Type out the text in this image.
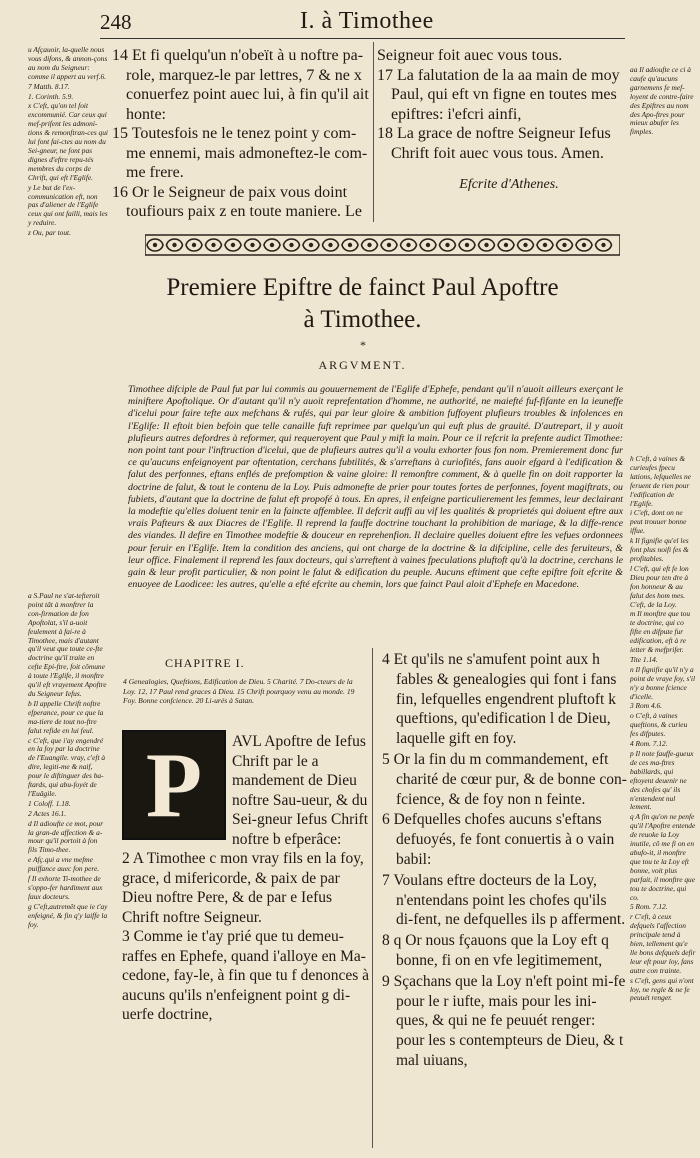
248	I. à Timothee

u Afçauoir, la-quelle nous vous difons, & annon-çons au nom du Seigneur: comme il appert au verf.6.

7 Matth. 8.17.

1. Corinth. 5.9.

x C'eft, qu'on tel foit excommunié. Car ceux qui mef-prifent les admoni-tions & remonftran-ces qui lui font fai-ctes au nom du Sei-gneur, ne font pas dignes d'eftre repu-tés membres du corps de Chrift, qui eft l'Eglife.

y Le but de l'ex-communication eft, non pas d'aliener de l'Eglife ceux qui ont failli, mais les y reduire.

z Ou, par tout.

14 Et fi quelqu'un n'obeït à u noftre pa-role, marquez-le par lettres, 7 & ne x conuerfez point auec lui, à fin qu'il ait honte:

15 Toutesfois ne le tenez point y com-me ennemi, mais admoneftez-le com-me frere.

16 Or le Seigneur de paix vous doint toufiours paix z en toute maniere. Le

Seigneur foit auec vous tous.

17 La falutation de la aa main de moy Paul, qui eft vn figne en toutes mes epiftres: i'efcri ainfi,

18 La grace de noftre Seigneur Iefus Chrift foit auec vous tous. Amen.

Efcrite d'Athenes.

aa Il adioufte ce ci à caufe qu'aucuns garnemens fe mef-loyent de contre-faire des Epiftres au nom des Apo-ftres pour mieux abufer les fimples.

Premiere Epiftre de fainct Paul Apoftre
à Timothee.
*
ARGVMENT.

Timothee difciple de Paul fut par lui commis au gouuernement de l'Eglife d'Ephefe, pendant qu'il n'auoit ailleurs exerçant le miniftere Apoftolique. Or d'autant qu'il n'y auoit reprefentation d'homme, ne authorité, ne maiefté fuf-fifante en la ieuneffe d'icelui pour faire tefte aux mefchans & rufés, qui par leur gloire & ambition fuffoyent plufieurs troubles & infolences en l'Eglife: Il eftoit bien befoin que telle canaille fuft reprimee par quelqu'un qui euft plus de grauité. D'autrepart, il y auoit plufieurs autres defordres à reformer, qui requeroyent que Paul y mift la main. Pour ce il refcrit la prefente audict Timothee: non point tant pour l'inftruction d'icelui, que de plufieurs autres qu'il a voulu exhorter fous fon nom. Premierement donc fur ce qu'aucuns enfeignoyent par oftentation, cerchans fubtilités, & s'arreftans à curiofités, fans auoir efgard à l'edification & falut des perfonnes, eftans enflés de prefomption & vaine gloire: Il remonftre comment, & à quelle fin on doit rapporter la doctrine de falut, & tout le contenu de la Loy. Puis admonefte de prier pour toutes fortes de perfonnes, foyent magiftrats, ou fubiets, d'autant que la doctrine de falut eft propofé à tous. En apres, il enfeigne particulierement les femmes, leur declairant la modeftie qu'elles doiuent tenir en la faincte affemblee. Il defcrit auffi au vif les qualités & proprietés qui doiuent eftre aux vrais Pafteurs & aux Diacres de l'Eglife. Il reprend la fauffe doctrine touchant la prohibition de mariage, & la diffe-rence des viandes. Il defire en Timothee modeftie & douceur en reprehenfion. Il declaire quelles doiuent eftre les vefues ordonnees pour feruir en l'Eglife. Item la condition des anciens, qui ont charge de la doctrine & la difcipline, celle des feruiteurs, & leur office. Finalement il reprend les faux docteurs, qui s'arreftent à vaines fpeculations pluftoft qu'à la doctrine, cerchans le gain & leur profit particulier, & non point le falut & edification du peuple. Aucuns eftiment que cefte epiftre foit efcrite & enuoyee de Laodicee: les autres, qu'elle a efté efcrite au chemin, lors que fainct Paul aloit d'Ephefe en Macedone.

a S.Paul ne s'at-tefteroit point tât à monftrer la con-firmation de fon Apoftolat, s'il a-uoit feulement à fai-re à Timothee, mais d'autant qu'il veut que toute ce-fte doctrine qu'il traite en cefte Epi-ftre, foit cômune à toute l'Eglife, il monftre qu'il eft vrayement Apoftre du Seigneur Iefus.

b Il appelle Chrift noftre efperance, pour ce que la ma-tiere de tout no-ftre falut refide en lui feul.

c C'eft, que i'ay engendré en la foy par la doctrine de l'Euangile. vray, c'eft à dire, legiti-me & naif, pour le diftinguer des ba-ftards, qui abu-foyét de l'Euâgile.

1 Coloff. 1.18.

2 Actes 16.1.

d Il adioufte ce mot, pour la gran-de affection & a-mour qu'il portoit à fon fils Timo-thee.

e Afç.qui a vne mefme puiffance auec fon pere.

f Il exhorte Ti-mothee de s'oppo-fer hardiment aux faux docteurs.

g C'eft,autremêt que ie t'ay enfeigné, & fin q'y laiffe la foy.

CHAPITRE I.
4 Genealogies, Queftions, Edification de Dieu. 5 Charité. 7 Do-cteurs de la Loy. 12, 17 Paul rend graces à Dieu. 15 Chrift pourquoy venu au monde. 19 Foy. Bonne confcience. 20 Li-urés à Satan.
P	AVL Apoftre de Iefus Chrift par le a mandement de Dieu noftre Sau-ueur, & du Sei-gneur Iefus Chrift noftre b efperâce:

2 A Timothee c mon vray fils en la foy, grace, d mifericorde, & paix de par Dieu noftre Pere, & de par e Iefus Chrift noftre Seigneur.

3 Comme ie t'ay prié que tu demeu-raffes en Ephefe, quand i'alloye en Ma-cedone, fay-le, à fin que tu f denonces à aucuns qu'ils n'enfeignent point g di-uerfe doctrine,

4 Et qu'ils ne s'amufent point aux h fables & genealogies qui font i fans fin, lefquelles engendrent pluftoft k queftions, qu'edification l de Dieu, laquelle gift en foy.

5 Or la fin du m commandement, eft charité de cœur pur, & de bonne con-fcience, & de foy non n feinte.

6 Defquelles chofes aucuns s'eftans defuoyés, fe font conuertis à o vain babil:

7 Voulans eftre docteurs de la Loy, n'entendans point les chofes qu'ils di-fent, ne defquelles ils p afferment.

8 q Or nous fçauons que la Loy eft q bonne, fi on en vfe legitimement,

9 Sçachans que la Loy n'eft point mi-fe pour le r iufte, mais pour les ini-ques, & qui ne fe peuuét renger: pour les s contempteurs de Dieu, & t mal uiuans,

h C'eft, à vaines & curieufes fpecu lations, lefquelles ne feruent de rien pour l'edification de l'Eglife.

i C'eft, dont on ne peut trouuer bonne iffue.

k Il fignifie qu'el les font plus noifi fes & profitables.

l C'eft, qui eft fe lon Dieu pour ten dre à fon honneur & au falut des hom mes. C'eft, de la Loy.

m Il monftre que tou te doctrine, qui co fifte en difpute fur edification, eft à re ietter & mefprifer.

Tite 1.14.

n Il fignifie qu'il n'y a point de vraye foy, s'il n'y a bonne fcience d'icelle.

3 Rom 4.6.

o C'eft, à vaines queftions, & curieu fes difputes.

4 Rom. 7.12.

p Il note fauffe-gueux de ces ma-ftres babillards, qui eftoyent deuenir ne des chofes qu' ils n'entendent nul lement.

q A fin qu'on ne penfe qu'il l'Apoftre entende de reuoke la Loy inutile, cô me fi on en abufo-it, il monftre que tou te la Loy eft bonne, voit plus parfait, il monftre que tou te doctrine, qui co.

5 Rom. 7.12.

r C'eft, à ceux defquels l'affection principale tend à bien, tellement qu'e lle bons defquels defir leur eft pour loy, fans autre con trainte.

s C'eft, gens qui n'ont loy, ne regle & ne fe peuuét renger.
